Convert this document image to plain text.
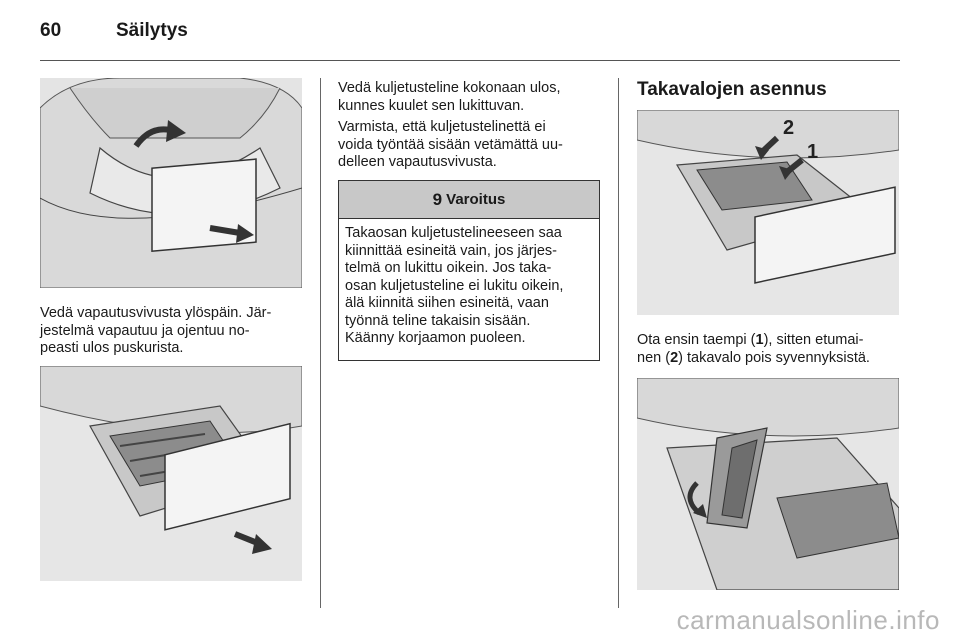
60	Säilytys
Vedä vapautusvivusta ylöspäin. Jär-
jestelmä vapautuu ja ojentuu no-
peasti ulos puskurista.
Vedä kuljetusteline kokonaan ulos,
kunnes kuulet sen lukittuvan.
Varmista, että kuljetustelinettä ei
voida työntää sisään vetämättä uu-
delleen vapautusvivusta.
9 Varoitus
Takaosan kuljetustelineeseen saa
kiinnittää esineitä vain, jos järjes-
telmä on lukittu oikein. Jos taka-
osan kuljetusteline ei lukitu oikein,
älä kiinnitä siihen esineitä, vaan
työnnä teline takaisin sisään.
Käänny korjaamon puoleen.
Takavalojen asennus
2
1
Ota ensin taempi (1), sitten etumai-
nen (2) takavalo pois syvennyksistä.
carmanualsonline.info
